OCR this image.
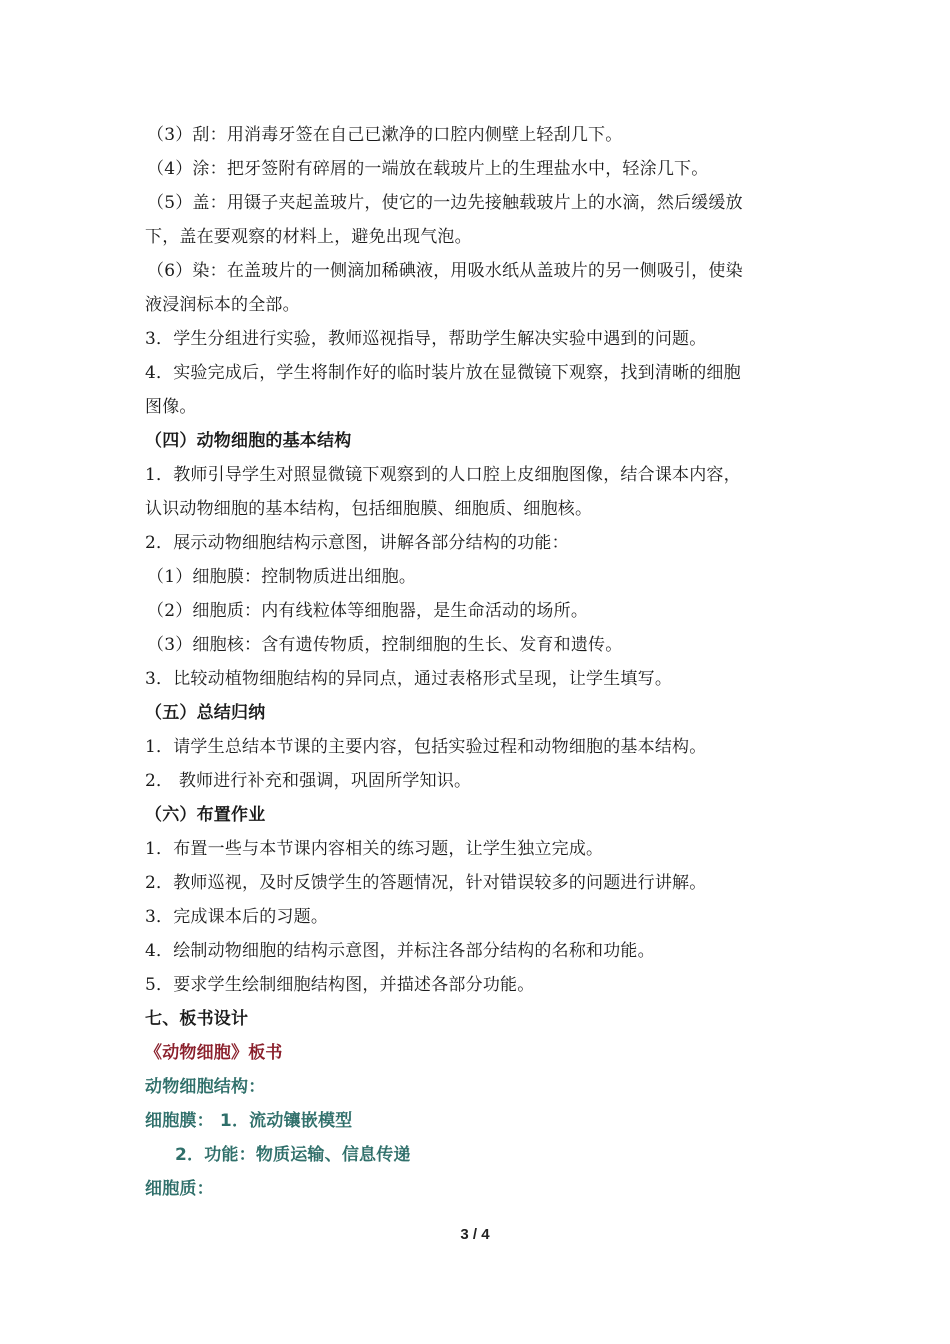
（3）刮：用消毒牙签在自己已漱净的口腔内侧壁上轻刮几下。
（4）涂：把牙签附有碎屑的一端放在载玻片上的生理盐水中，轻涂几下。
（5）盖：用镊子夹起盖玻片，使它的一边先接触载玻片上的水滴，然后缓缓放
下，盖在要观察的材料上，避免出现气泡。
（6）染：在盖玻片的一侧滴加稀碘液，用吸水纸从盖玻片的另一侧吸引，使染
液浸润标本的全部。
3．学生分组进行实验，教师巡视指导，帮助学生解决实验中遇到的问题。
4．实验完成后，学生将制作好的临时装片放在显微镜下观察，找到清晰的细胞
图像。
（四）动物细胞的基本结构
1．教师引导学生对照显微镜下观察到的人口腔上皮细胞图像，结合课本内容，
认识动物细胞的基本结构，包括细胞膜、细胞质、细胞核。
2．展示动物细胞结构示意图，讲解各部分结构的功能：
（1）细胞膜：控制物质进出细胞。
（2）细胞质：内有线粒体等细胞器，是生命活动的场所。
（3）细胞核：含有遗传物质，控制细胞的生长、发育和遗传。
3．比较动植物细胞结构的异同点，通过表格形式呈现，让学生填写。
（五）总结归纳
1．请学生总结本节课的主要内容，包括实验过程和动物细胞的基本结构。
2． 教师进行补充和强调，巩固所学知识。
（六）布置作业
1．布置一些与本节课内容相关的练习题，让学生独立完成。
2．教师巡视，及时反馈学生的答题情况，针对错误较多的问题进行讲解。
3．完成课本后的习题。
4．绘制动物细胞的结构示意图，并标注各部分结构的名称和功能。
5．要求学生绘制细胞结构图，并描述各部分功能。
七、板书设计
《动物细胞》板书
动物细胞结构：
细胞膜： 1．流动镶嵌模型
2．功能：物质运输、信息传递
细胞质：
3 / 4
